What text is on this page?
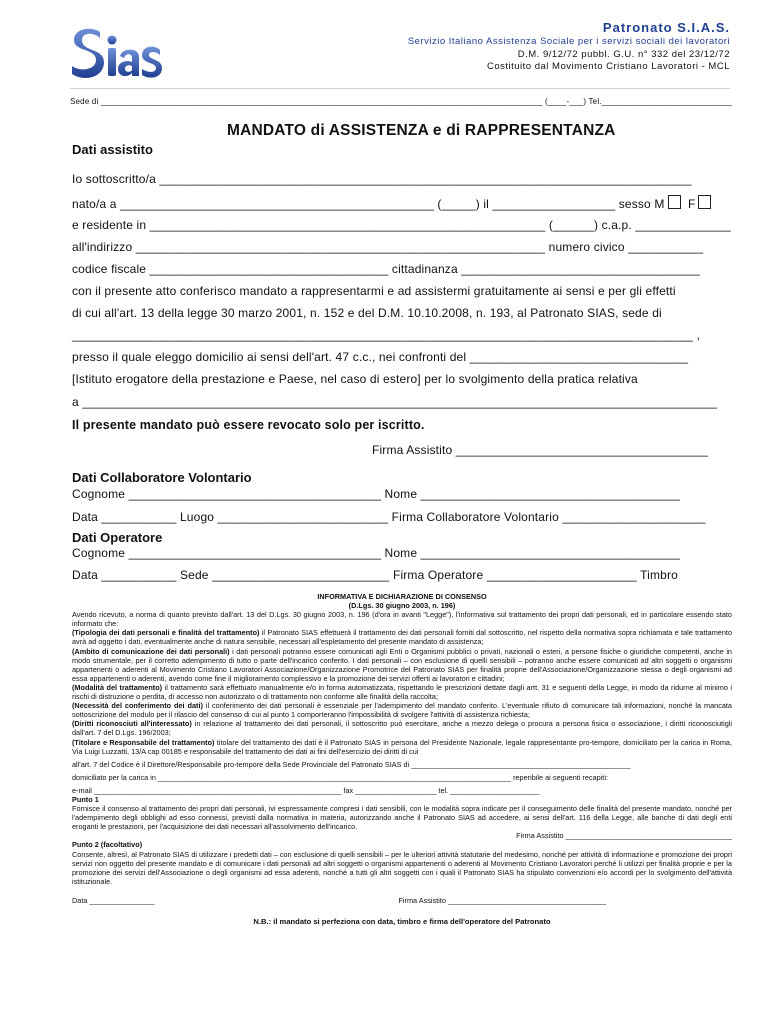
Patronato S.I.A.S.
Servizio Italiano Assistenza Sociale per i servizi sociali dei lavoratori
D.M. 9/12/72 pubbl. G.U. n° 332 del 23/12/72
Costituito dal Movimento Cristiano Lavoratori - MCL
Sede di _______________________________________________________________________________________________ (____-___) Tel.____________________________
MANDATO di ASSISTENZA e di RAPPRESENTANZA
Dati assistito
Io sottoscritto/a ______________________________________________________________________________
nato/a a ______________________________________________ (_____) il __________________ sesso M F
e residente in __________________________________________________________ (______) c.a.p. ______________
all'indirizzo ____________________________________________________________ numero civico ___________
codice fiscale ___________________________________ cittadinanza ___________________________________
con il presente atto conferisco mandato a rappresentarmi e ad assistermi gratuitamente ai sensi e per gli effetti
di cui all'art. 13 della legge 30 marzo 2001, n. 152 e del D.M. 10.10.2008, n. 193, al Patronato SIAS, sede di
___________________________________________________________________________________________ ,
presso il quale eleggo domicilio ai sensi dell'art. 47 c.c., nei confronti del ________________________________
[Istituto erogatore della prestazione e Paese, nel caso di estero] per lo svolgimento della pratica relativa
a _____________________________________________________________________________________________
Il presente mandato può essere revocato solo per iscritto.
Firma Assistito _____________________________________
Dati Collaboratore Volontario
Cognome _____________________________________ Nome ______________________________________
Data ___________ Luogo _________________________ Firma Collaboratore Volontario _____________________
Dati Operatore
Cognome _____________________________________ Nome ______________________________________
Data ___________ Sede __________________________ Firma Operatore ______________________ Timbro

INFORMATIVA E DICHIARAZIONE DI CONSENSO

(D.Lgs. 30 giugno 2003, n. 196)

Avendo ricevuto, a norma di quanto previsto dall'art. 13 del D.Lgs. 30 giugno 2003, n. 196 (d'ora in avanti "Legge"), l'informativa sul trattamento dei propri dati personali, ed in particolare essendo stato informato che:

(Tipologia dei dati personali e finalità del trattamento) il Patronato SIAS effettuerà il trattamento dei dati personali forniti dal sottoscritto, nel rispetto della normativa sopra richiamata e tale trattamento avrà ad oggetto i dati, eventualmente anche di natura sensibile, necessari all'espletamento del presente mandato di assistenza;

(Ambito di comunicazione dei dati personali) i dati personali potranno essere comunicati agli Enti o Organismi pubblici o privati, nazionali o esteri, a persone fisiche o giuridiche competenti, anche in modo strumentale, per il corretto adempimento di tutto o parte dell'incarico conferito. I dati personali – con esclusione di quelli sensibili – potranno anche essere comunicati ad altri soggetti o organismi appartenenti o aderenti al Movimento Cristiano Lavoratori Associazione/Organizzazione Promotrice del Patronato SIAS per finalità proprie dell'Associazione/Organizzazione stessa o degli organismi ad essa appartenenti o aderenti, avendo come fine il miglioramento complessivo e la promozione dei servizi offerti ai lavoratori e cittadini;

(Modalità del trattamento) il trattamento sarà effettuato manualmente e/o in forma automatizzata, rispettando le prescrizioni dettate dagli artt. 31 e seguenti della Legge, in modo da ridurne al minimo i rischi di distruzione o perdita, di accesso non autorizzato o di trattamento non conforme alle finalità della raccolta;

(Necessità del conferimento dei dati) il conferimento dei dati personali è essenziale per l'adempimento del mandato conferito. L'eventuale rifiuto di comunicare tali informazioni, nonché la mancata sottoscrizione del modulo per il rilascio del consenso di cui al punto 1 comporteranno l'impossibilità di svolgere l'attività di assistenza richiesta;

(Diritti riconosciuti all'interessato) in relazione al trattamento dei dati personali, il sottoscritto può esercitare, anche a mezzo delega o procura a persona fisica o associazione, i diritti riconosciutigli dall'art. 7 del D.Lgs. 196/2003;

(Titolare e Responsabile del trattamento) titolare del trattamento dei dati è il Patronato SIAS in persona del Presidente Nazionale, legale rappresentante pro-tempore, domiciliato per la carica in Roma, Via Luigi Luzzatti, 13/A cap 00185 e responsabile del trattamento dei dati ai fini dell'esercizio dei diritti di cui

all'art. 7 del Codice è il Direttore/Responsabile pro-tempore della Sede Provinciale del Patronato SIAS di ______________________________________________________

domiciliato per la carica in _______________________________________________________________________________________ reperibile ai seguenti recapiti:

e-mail _____________________________________________________________ fax ____________________ tel. ______________________

Punto 1

Fornisce il consenso al trattamento dei propri dati personali, ivi espressamente compresi i dati sensibili, con le modalità sopra indicate per il conseguimento delle finalità del presente mandato, nonché per l'adempimento degli obblighi ad esso connessi, previsti dalla normativa in materia, autorizzando anche il Patronato SIAS ad accedere, ai sensi dell'art. 116 della Legge, alle banche di dati degli enti eroganti le prestazioni, per l'acquisizione dei dati necessari all'assolvimento dell'incarico.

Firma Assistito _________________________________________

Punto 2 (facoltativo)

Consente, altresì, al Patronato SIAS di utilizzare i predetti dati – con esclusione di quelli sensibili – per le ulteriori attività statutarie del medesimo, nonché per attività di informazione e promozione dei propri servizi non oggetto del presente mandato e di comunicare i dati personali ad altri soggetti o organismi appartenenti o aderenti al Movimento Cristiano Lavoratori perché li utilizzi per finalità proprie e per la promozione dei servizi dell'Associazione o degli organismi ad essa aderenti, nonché a tutti gli altri soggetti con i quali il Patronato SIAS ha stipulato convenzioni e/o accordi per lo svolgimento dell'attività istituzionale.

Data ________________	Firma Assistito _______________________________________

N.B.: il mandato si perfeziona con data, timbro e firma dell'operatore del Patronato
